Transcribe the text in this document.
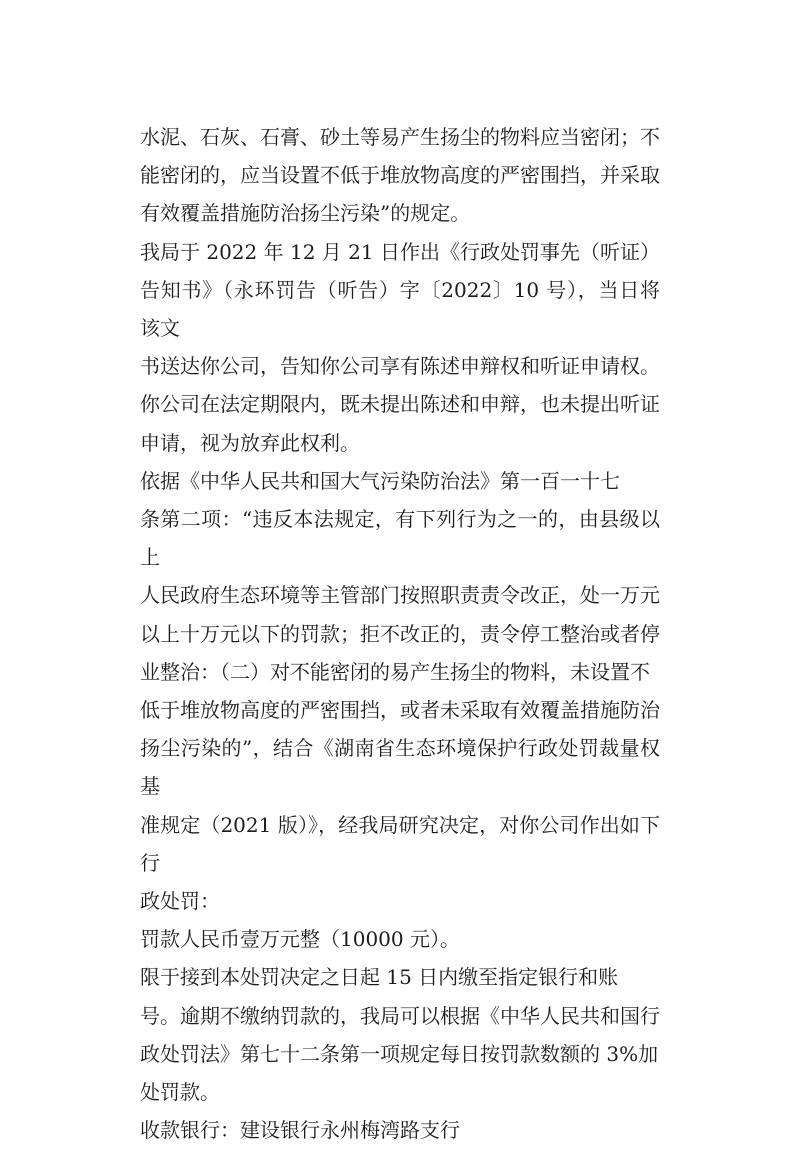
水泥、石灰、石膏、砂土等易产生扬尘的物料应当密闭；不
能密闭的，应当设置不低于堆放物高度的严密围挡，并采取
有效覆盖措施防治扬尘污染”的规定。

我局于 2022 年 12 月 21 日作出《行政处罚事先（听证）
告知书》（永环罚告（听告）字〔2022〕10 号），当日将该文
书送达你公司，告知你公司享有陈述申辩权和听证申请权。
你公司在法定期限内，既未提出陈述和申辩，也未提出听证
申请，视为放弃此权利。

依据《中华人民共和国大气污染防治法》第一百一十七
条第二项：“违反本法规定，有下列行为之一的，由县级以上
人民政府生态环境等主管部门按照职责责令改正，处一万元
以上十万元以下的罚款；拒不改正的，责令停工整治或者停
业整治：（二）对不能密闭的易产生扬尘的物料，未设置不
低于堆放物高度的严密围挡，或者未采取有效覆盖措施防治
扬尘污染的”，结合《湖南省生态环境保护行政处罚裁量权基
准规定（2021 版）》，经我局研究决定，对你公司作出如下行
政处罚：

罚款人民币壹万元整（10000 元）。

限于接到本处罚决定之日起 15 日内缴至指定银行和账
号。逾期不缴纳罚款的，我局可以根据《中华人民共和国行
政处罚法》第七十二条第一项规定每日按罚款数额的 3%加
处罚款。

收款银行：建设银行永州梅湾路支行
